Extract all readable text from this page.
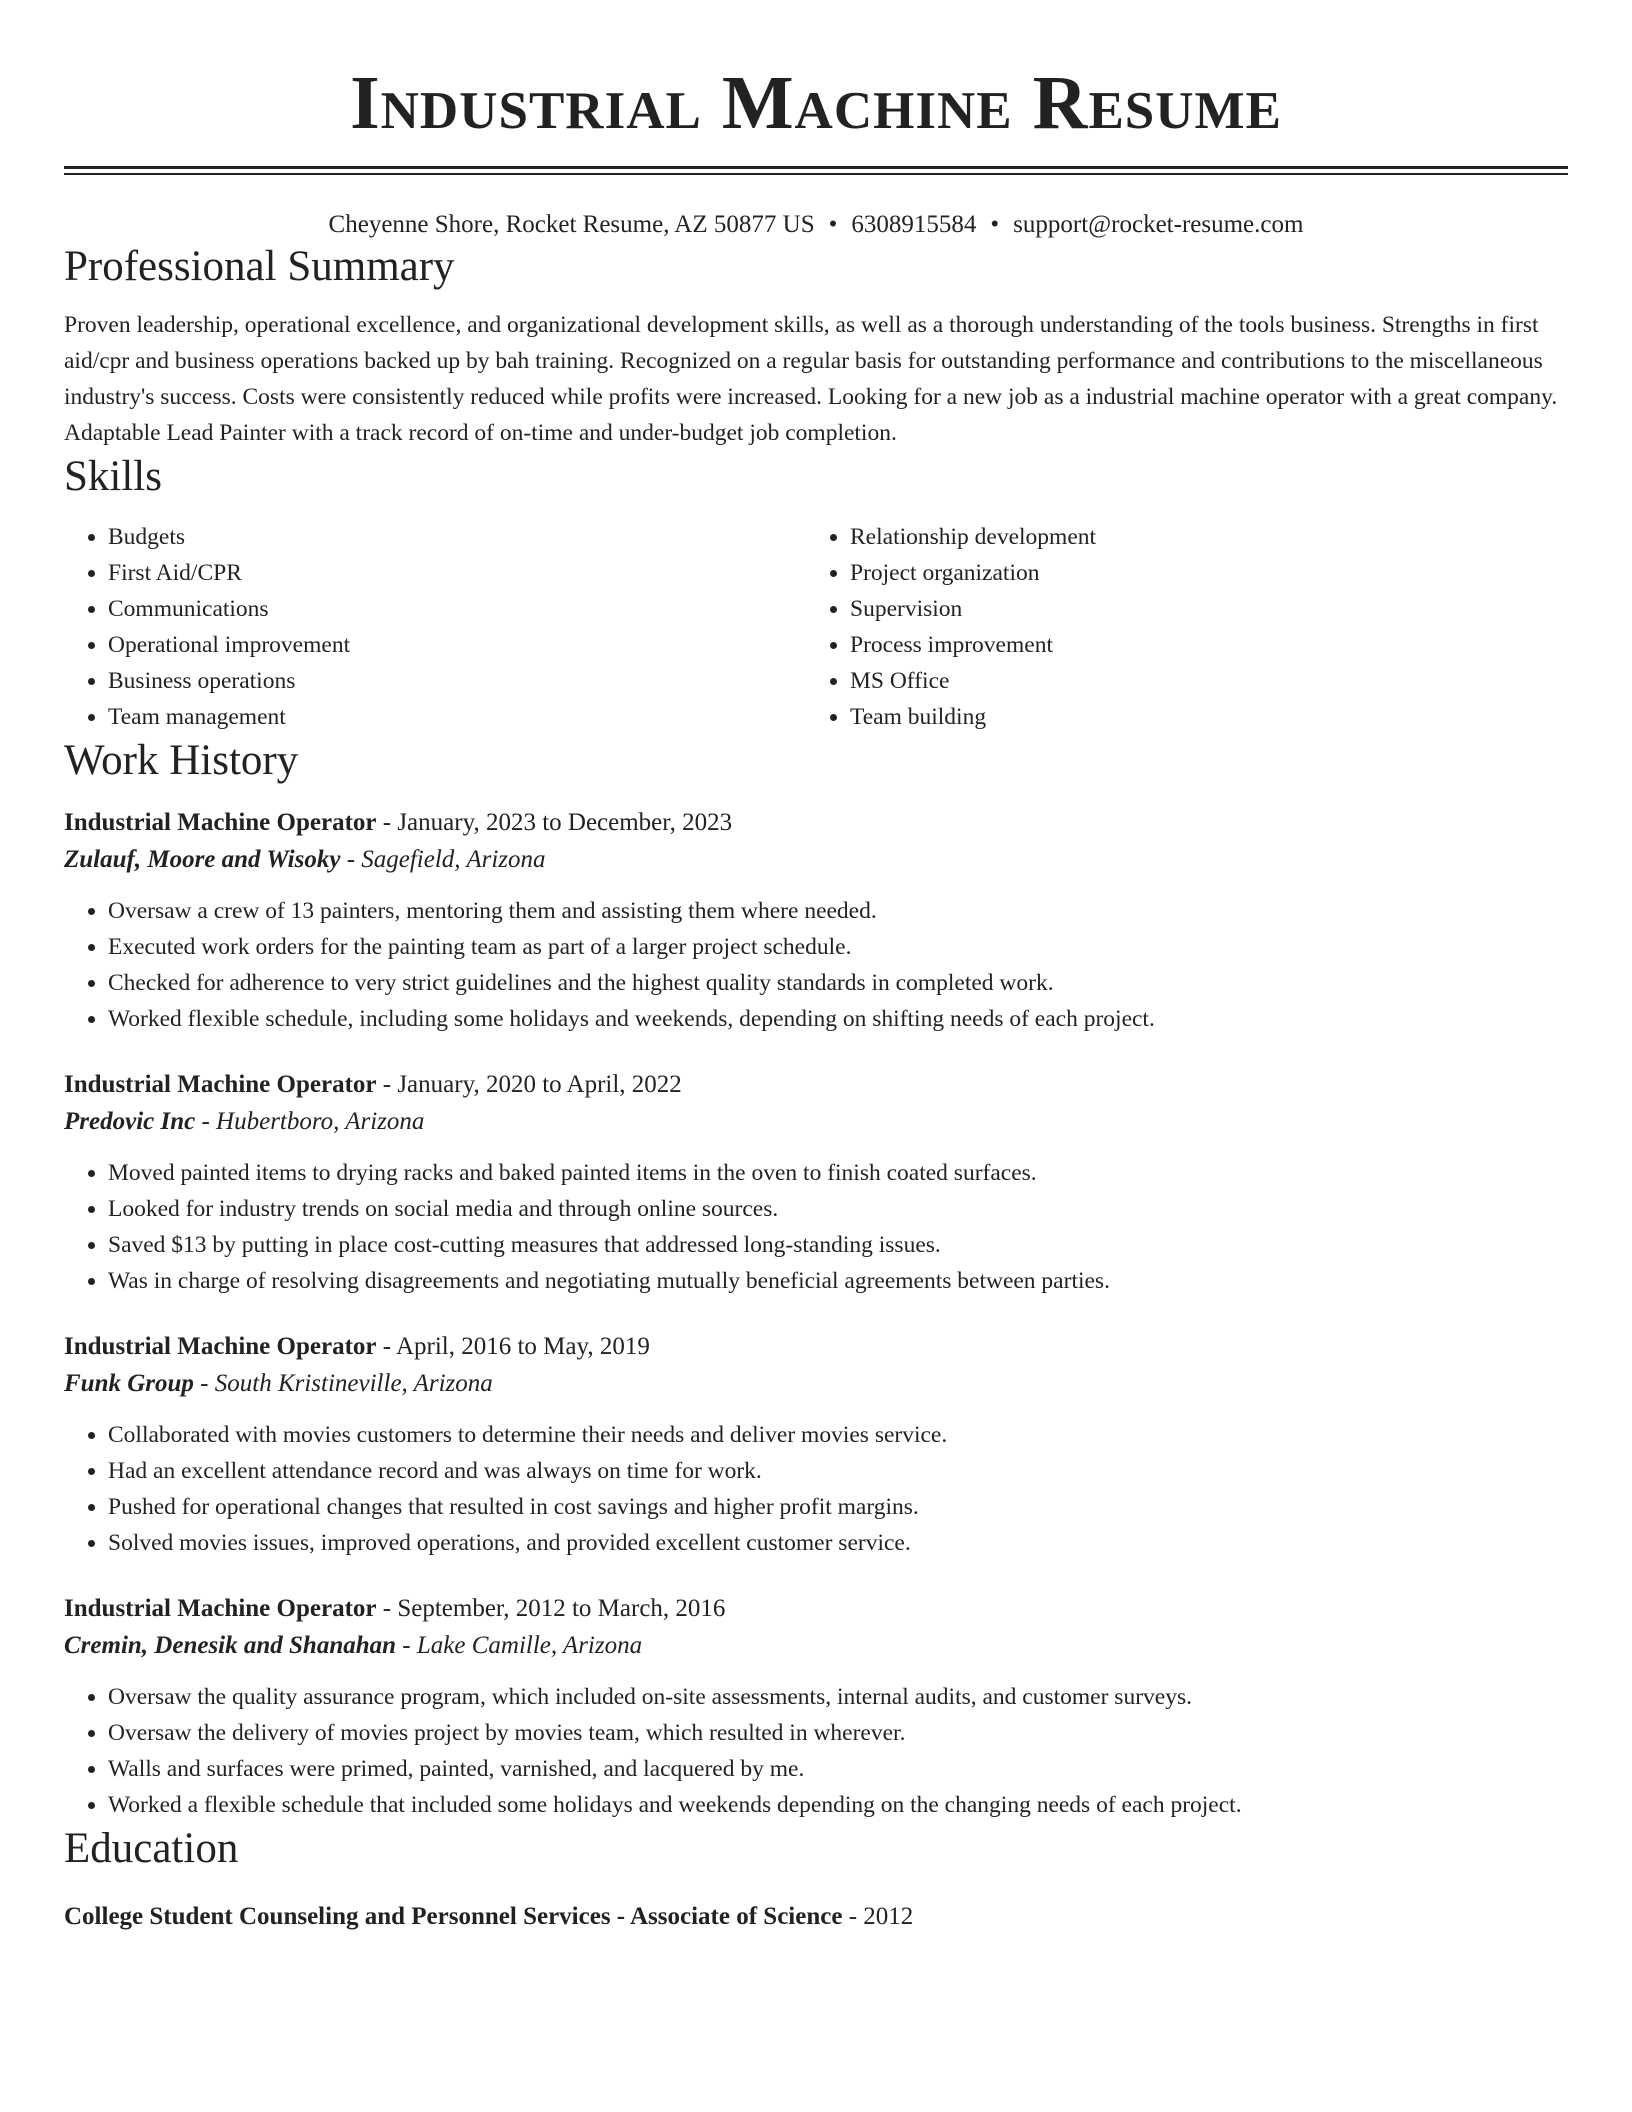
Industrial Machine Resume
Cheyenne Shore, Rocket Resume, AZ 50877 US • 6308915584 • support@rocket-resume.com
Professional Summary

Proven leadership, operational excellence, and organizational development skills, as well as a thorough understanding of the tools business. Strengths in first aid/cpr and business operations backed up by bah training. Recognized on a regular basis for outstanding performance and contributions to the miscellaneous industry's success. Costs were consistently reduced while profits were increased. Looking for a new job as a industrial machine operator with a great company. Adaptable Lead Painter with a track record of on-time and under-budget job completion.

Skills
• Budgets
• First Aid/CPR
• Communications
• Operational improvement
• Business operations
• Team management
• Relationship development
• Project organization
• Supervision
• Process improvement
• MS Office
• Team building
Work History
Industrial Machine Operator - January, 2023 to December, 2023
Zulauf, Moore and Wisoky - Sagefield, Arizona
• Oversaw a crew of 13 painters, mentoring them and assisting them where needed.
• Executed work orders for the painting team as part of a larger project schedule.
• Checked for adherence to very strict guidelines and the highest quality standards in completed work.
• Worked flexible schedule, including some holidays and weekends, depending on shifting needs of each project.
Industrial Machine Operator - January, 2020 to April, 2022
Predovic Inc - Hubertboro, Arizona
• Moved painted items to drying racks and baked painted items in the oven to finish coated surfaces.
• Looked for industry trends on social media and through online sources.
• Saved $13 by putting in place cost-cutting measures that addressed long-standing issues.
• Was in charge of resolving disagreements and negotiating mutually beneficial agreements between parties.
Industrial Machine Operator - April, 2016 to May, 2019
Funk Group - South Kristineville, Arizona
• Collaborated with movies customers to determine their needs and deliver movies service.
• Had an excellent attendance record and was always on time for work.
• Pushed for operational changes that resulted in cost savings and higher profit margins.
• Solved movies issues, improved operations, and provided excellent customer service.
Industrial Machine Operator - September, 2012 to March, 2016
Cremin, Denesik and Shanahan - Lake Camille, Arizona
• Oversaw the quality assurance program, which included on-site assessments, internal audits, and customer surveys.
• Oversaw the delivery of movies project by movies team, which resulted in wherever.
• Walls and surfaces were primed, painted, varnished, and lacquered by me.
• Worked a flexible schedule that included some holidays and weekends depending on the changing needs of each project.
Education
College Student Counseling and Personnel Services - Associate of Science - 2012
